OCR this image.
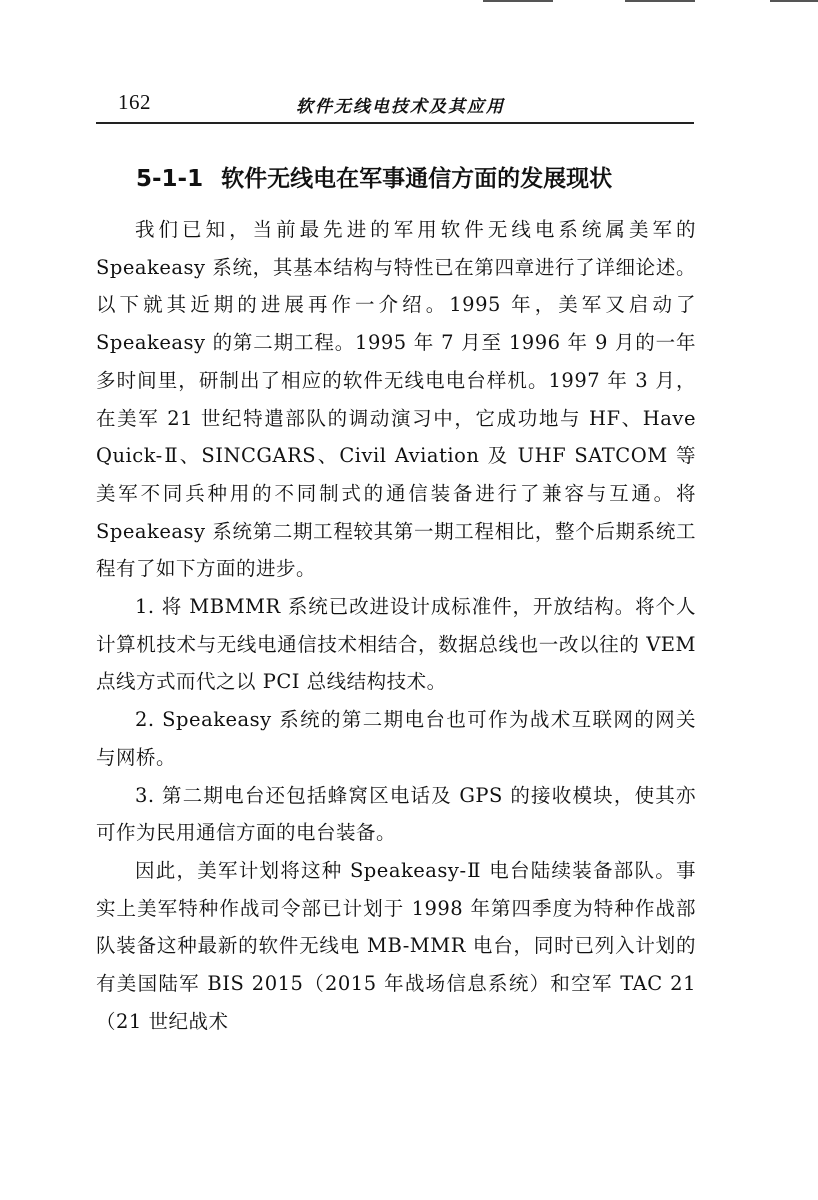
162	软件无线电技术及其应用
5-1-1 软件无线电在军事通信方面的发展现状

我们已知，当前最先进的军用软件无线电系统属美军的 Speakeasy 系统，其基本结构与特性已在第四章进行了详细论述。以下就其近期的进展再作一介绍。1995 年，美军又启动了 Speakeasy 的第二期工程。1995 年 7 月至 1996 年 9 月的一年多时间里，研制出了相应的软件无线电电台样机。1997 年 3 月，在美军 21 世纪特遣部队的调动演习中，它成功地与 HF、Have Quick-Ⅱ、SINCGARS、Civil Aviation 及 UHF SATCOM 等美军不同兵种用的不同制式的通信装备进行了兼容与互通。将 Speakeasy 系统第二期工程较其第一期工程相比，整个后期系统工程有了如下方面的进步。

1. 将 MBMMR 系统已改进设计成标准件，开放结构。将个人计算机技术与无线电通信技术相结合，数据总线也一改以往的 VEM 点线方式而代之以 PCI 总线结构技术。

2. Speakeasy 系统的第二期电台也可作为战术互联网的网关与网桥。

3. 第二期电台还包括蜂窝区电话及 GPS 的接收模块，使其亦可作为民用通信方面的电台装备。

因此，美军计划将这种 Speakeasy-Ⅱ 电台陆续装备部队。事实上美军特种作战司令部已计划于 1998 年第四季度为特种作战部队装备这种最新的软件无线电 MB-MMR 电台，同时已列入计划的有美国陆军 BIS 2015（2015 年战场信息系统）和空军 TAC 21（21 世纪战术
